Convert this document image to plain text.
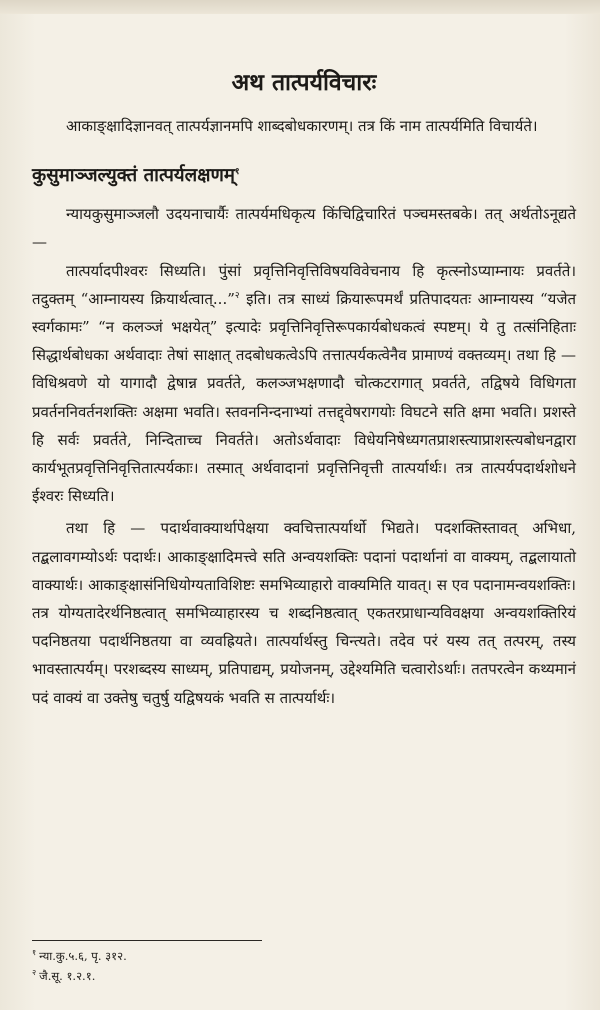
अथ तात्पर्यविचारः

आकाङ्क्षादिज्ञानवत् तात्पर्यज्ञानमपि शाब्दबोधकारणम्। तत्र किं नाम तात्पर्यमिति विचार्यते।

कुसुमाञ्जल्युक्तं तात्पर्यलक्षणम्$^१$

न्यायकुसुमाञ्जलौ उदयनाचार्यैः तात्पर्यमधिकृत्य किंचिद्विचारितं पञ्चमस्तबके। तत् अर्थतोऽनूद्यते —

तात्पर्यादपीश्वरः सिध्यति। पुंसां प्रवृत्तिनिवृत्तिविषयविवेचनाय हि कृत्स्नोऽप्याम्नायः प्रवर्तते। तदुक्तम् “आम्नायस्य क्रियार्थत्वात्...”$^२$ इति। तत्र साध्यं क्रियारूपमर्थं प्रतिपादयतः आम्नायस्य “यजेत स्वर्गकामः” “न कलञ्जं भक्षयेत्” इत्यादेः प्रवृत्तिनिवृत्तिरूपकार्यबोधकत्वं स्पष्टम्। ये तु तत्संनिहिताः सिद्धार्थबोधका अर्थवादाः तेषां साक्षात् तदबोधकत्वेऽपि तत्तात्पर्यकत्वेनैव प्रामाण्यं वक्तव्यम्। तथा हि — विधिश्रवणे यो यागादौ द्वेषान्न प्रवर्तते, कलञ्जभक्षणादौ चोत्कटरागात् प्रवर्तते, तद्विषये विधिगता प्रवर्तननिवर्तनशक्तिः अक्षमा भवति। स्तवननिन्दनाभ्यां तत्तद्द्वेषरागयोः विघटने सति क्षमा भवति। प्रशस्ते हि सर्वः प्रवर्तते, निन्दिताच्च निवर्तते। अतोऽर्थवादाः विधेयनिषेध्यगतप्राशस्त्याप्राशस्त्यबोधनद्वारा कार्यभूतप्रवृत्तिनिवृत्तितात्पर्यकाः। तस्मात् अर्थवादानां प्रवृत्तिनिवृत्ती तात्पर्यार्थः। तत्र तात्पर्यपदार्थशोधने ईश्वरः सिध्यति।

तथा हि — पदार्थवाक्यार्थापेक्षया क्वचित्तात्पर्यार्थो भिद्यते। पदशक्तिस्तावत् अभिधा, तद्बलावगम्योऽर्थः पदार्थः। आकाङ्क्षादिमत्त्वे सति अन्वयशक्तिः पदानां पदार्थानां वा वाक्यम्, तद्बलायातो वाक्यार्थः। आकाङ्क्षासंनिधियोग्यताविशिष्टः समभिव्याहारो वाक्यमिति यावत्। स एव पदानामन्वयशक्तिः। तत्र योग्यतादेरर्थनिष्ठत्वात् समभिव्याहारस्य च शब्दनिष्ठत्वात् एकतरप्राधान्यविवक्षया अन्वयशक्तिरियं पदनिष्ठतया पदार्थनिष्ठतया वा व्यवह्रियते। तात्पर्यार्थस्तु चिन्त्यते। तदेव परं यस्य तत् तत्परम्, तस्य भावस्तात्पर्यम्। परशब्दस्य साध्यम्, प्रतिपाद्यम्, प्रयोजनम्, उद्देश्यमिति चत्वारोऽर्थाः। ततपरत्वेन कथ्यमानं पदं वाक्यं वा उक्तेषु चतुर्षु यद्विषयकं भवति स तात्पर्यार्थः।

$^१$ न्या.कु.५.६, पृ. ३१२.
$^२$ जै.सू. १.२.१.
